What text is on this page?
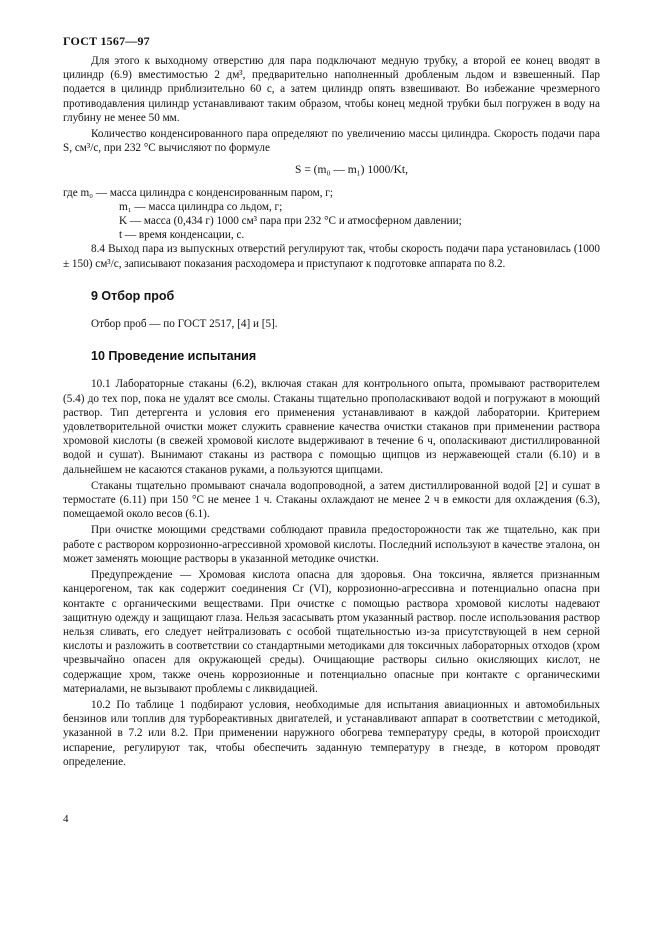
ГОСТ 1567—97

Для этого к выходному отверстию для пара подключают медную трубку, а второй ее конец вводят в цилиндр (6.9) вместимостью 2 дм³, предварительно наполненный дробленым льдом и взвешенный. Пар подается в цилиндр приблизительно 60 с, а затем цилиндр опять взвешивают. Во избежание чрезмерного противодавления цилиндр устанавливают таким образом, чтобы конец медной трубки был погружен в воду на глубину не менее 50 мм.

Количество конденсированного пара определяют по увеличению массы цилиндра. Скорость подачи пара S, см³/с, при 232 °C вычисляют по формуле

S = (m₀ — m₁) 1000/Kt,

где m₀ — масса цилиндра с конденсированным паром, г;

m₁ — масса цилиндра со льдом, г;

K — масса (0,434 г) 1000 см³ пара при 232 °C и атмосферном давлении;

t — время конденсации, с.

8.4 Выход пара из выпускных отверстий регулируют так, чтобы скорость подачи пара установилась (1000 ± 150) см³/с, записывают показания расходомера и приступают к подготовке аппарата по 8.2.

9 Отбор проб

Отбор проб — по ГОСТ 2517, [4] и [5].

10 Проведение испытания

10.1 Лабораторные стаканы (6.2), включая стакан для контрольного опыта, промывают растворителем (5.4) до тех пор, пока не удалят все смолы. Стаканы тщательно прополаскивают водой и погружают в моющий раствор. Тип детергента и условия его применения устанавливают в каждой лаборатории. Критерием удовлетворительной очистки может служить сравнение качества очистки стаканов при применении раствора хромовой кислоты (в свежей хромовой кислоте выдерживают в течение 6 ч, ополаскивают дистиллированной водой и сушат). Вынимают стаканы из раствора с помощью щипцов из нержавеющей стали (6.10) и в дальнейшем не касаются стаканов руками, а пользуются щипцами.

Стаканы тщательно промывают сначала водопроводной, а затем дистиллированной водой [2] и сушат в термостате (6.11) при 150 °C не менее 1 ч. Стаканы охлаждают не менее 2 ч в емкости для охлаждения (6.3), помещаемой около весов (6.1).

При очистке моющими средствами соблюдают правила предосторожности так же тщательно, как при работе с раствором коррозионно-агрессивной хромовой кислоты. Последний используют в качестве эталона, он может заменять моющие растворы в указанной методике очистки.

Предупреждение — Хромовая кислота опасна для здоровья. Она токсична, является признанным канцерогеном, так как содержит соединения Cr (VI), коррозионно-агрессивна и потенциально опасна при контакте с органическими веществами. При очистке с помощью раствора хромовой кислоты надевают защитную одежду и защищают глаза. Нельзя засасывать ртом указанный раствор. после использования раствор нельзя сливать, его следует нейтрализовать с особой тщательностью из-за присутствующей в нем серной кислоты и разложить в соответствии со стандартными методиками для токсичных лабораторных отходов (хром чрезвычайно опасен для окружающей среды). Очищающие растворы сильно окисляющих кислот, не содержащие хром, также очень коррозионные и потенциально опасные при контакте с органическими материалами, не вызывают проблемы с ликвидацией.

10.2 По таблице 1 подбирают условия, необходимые для испытания авиационных и автомобильных бензинов или топлив для турбореактивных двигателей, и устанавливают аппарат в соответствии с методикой, указанной в 7.2 или 8.2. При применении наружного обогрева температуру среды, в которой происходит испарение, регулируют так, чтобы обеспечить заданную температуру в гнезде, в котором проводят определение.

4
